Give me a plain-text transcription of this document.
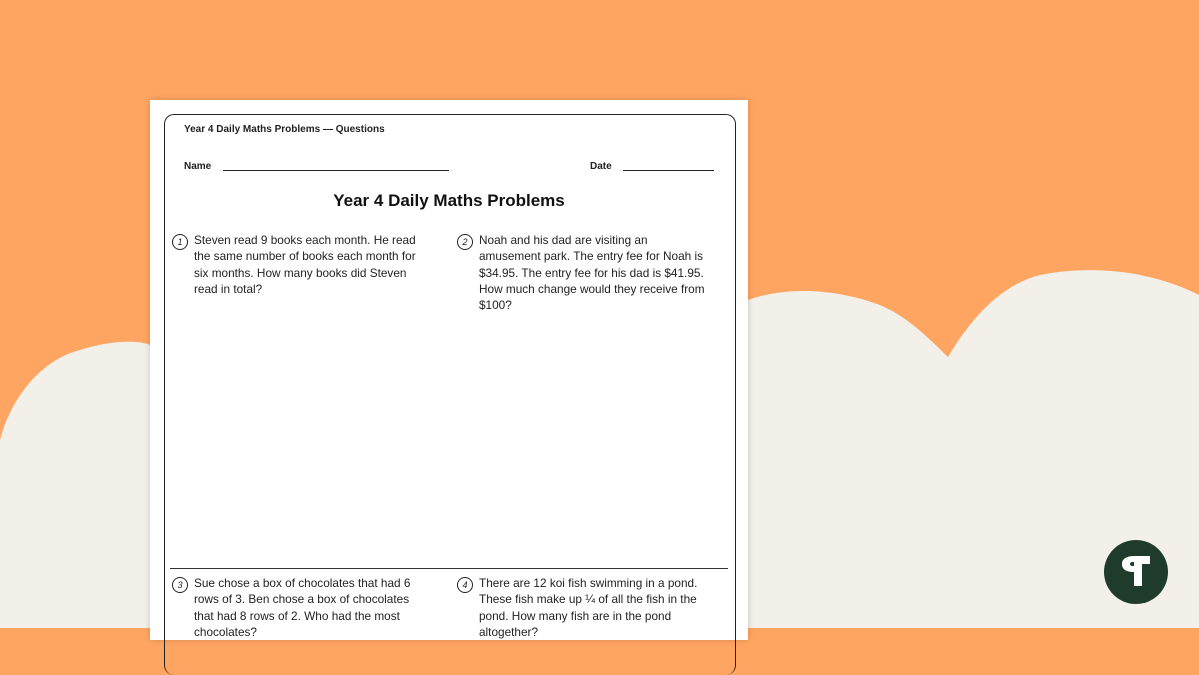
Year 4 Daily Maths Problems — Questions
Name	Date
Year 4 Daily Maths Problems
1 Steven read 9 books each month. He read the same number of books each month for six months. How many books did Steven read in total?
2 Noah and his dad are visiting an amusement park. The entry fee for Noah is $34.95. The entry fee for his dad is $41.95. How much change would they receive from $100?
3 Sue chose a box of chocolates that had 6 rows of 3. Ben chose a box of chocolates that had 8 rows of 2. Who had the most chocolates?
4 There are 12 koi fish swimming in a pond. These fish make up ¼ of all the fish in the pond. How many fish are in the pond altogether?
